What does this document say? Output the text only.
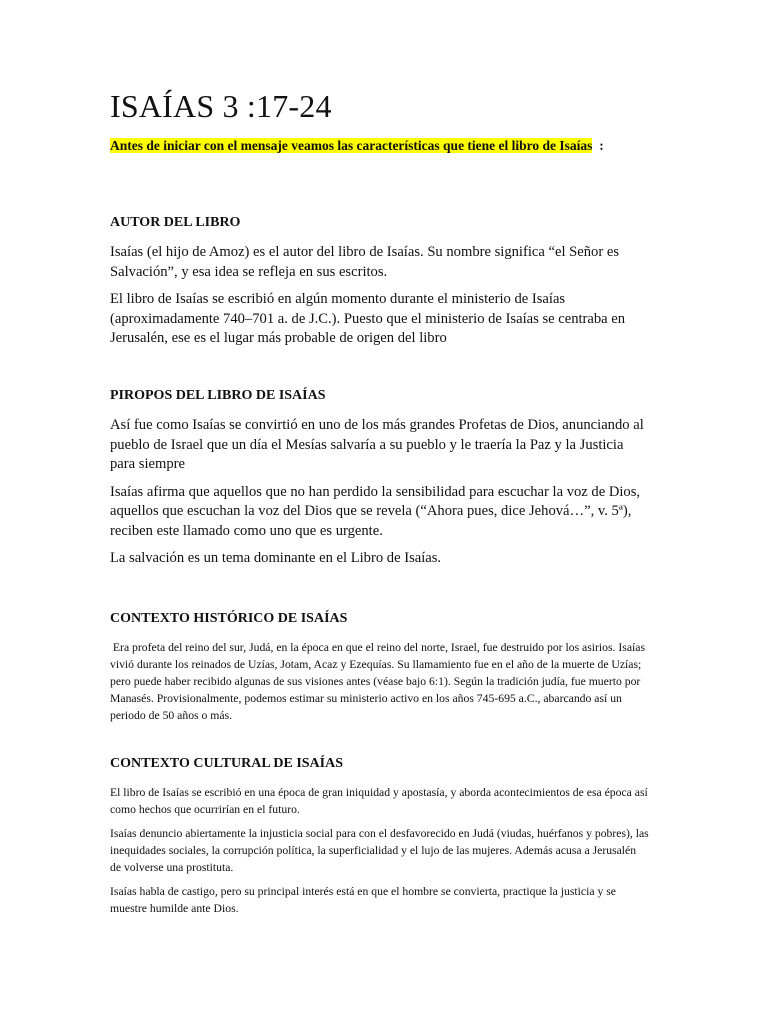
ISAÍAS 3 :17-24
Antes de iniciar con el mensaje veamos las características que tiene el libro de Isaías  :
AUTOR DEL LIBRO

Isaías (el hijo de Amoz) es el autor del libro de Isaías. Su nombre significa “el Señor es Salvación”, y esa idea se refleja en sus escritos.

El libro de Isaías se escribió en algún momento durante el ministerio de Isaías (aproximadamente 740–701 a. de J.C.). Puesto que el ministerio de Isaías se centraba en Jerusalén, ese es el lugar más probable de origen del libro

PIROPOS DEL LIBRO DE ISAÍAS

Así fue como Isaías se convirtió en uno de los más grandes Profetas de Dios, anunciando al pueblo de Israel que un día el Mesías salvaría a su pueblo y le traería la Paz y la Justicia para siempre

Isaías afirma que aquellos que no han perdido la sensibilidad para escuchar la voz de Dios, aquellos que escuchan la voz del Dios que se revela (“Ahora pues, dice Jehová…”, v. 5ª), reciben este llamado como uno que es urgente.

La salvación es un tema dominante en el Libro de Isaías.

CONTEXTO HISTÓRICO DE ISAÍAS

Era profeta del reino del sur, Judá, en la época en que el reino del norte, Israel, fue destruido por los asirios. Isaías vivió durante los reinados de Uzías, Jotam, Acaz y Ezequías. Su llamamiento fue en el año de la muerte de Uzías; pero puede haber recibido algunas de sus visiones antes (véase bajo 6:1). Según la tradición judía, fue muerto por Manasés. Provisionalmente, podemos estimar su ministerio activo en los años 745-695 a.C., abarcando así un periodo de 50 años o más.

CONTEXTO CULTURAL DE ISAÍAS

El libro de Isaías se escribió en una época de gran iniquidad y apostasía, y aborda acontecimientos de esa época así como hechos que ocurrirían en el futuro.

Isaías denuncio abiertamente la injusticia social para con el desfavorecido en Judá (viudas, huérfanos y pobres), las inequidades sociales, la corrupción política, la superficialidad y el lujo de las mujeres. Además acusa a Jerusalén de volverse una prostituta.

Isaías habla de castigo, pero su principal interés está en que el hombre se convierta, practique la justicia y se muestre humilde ante Dios.
